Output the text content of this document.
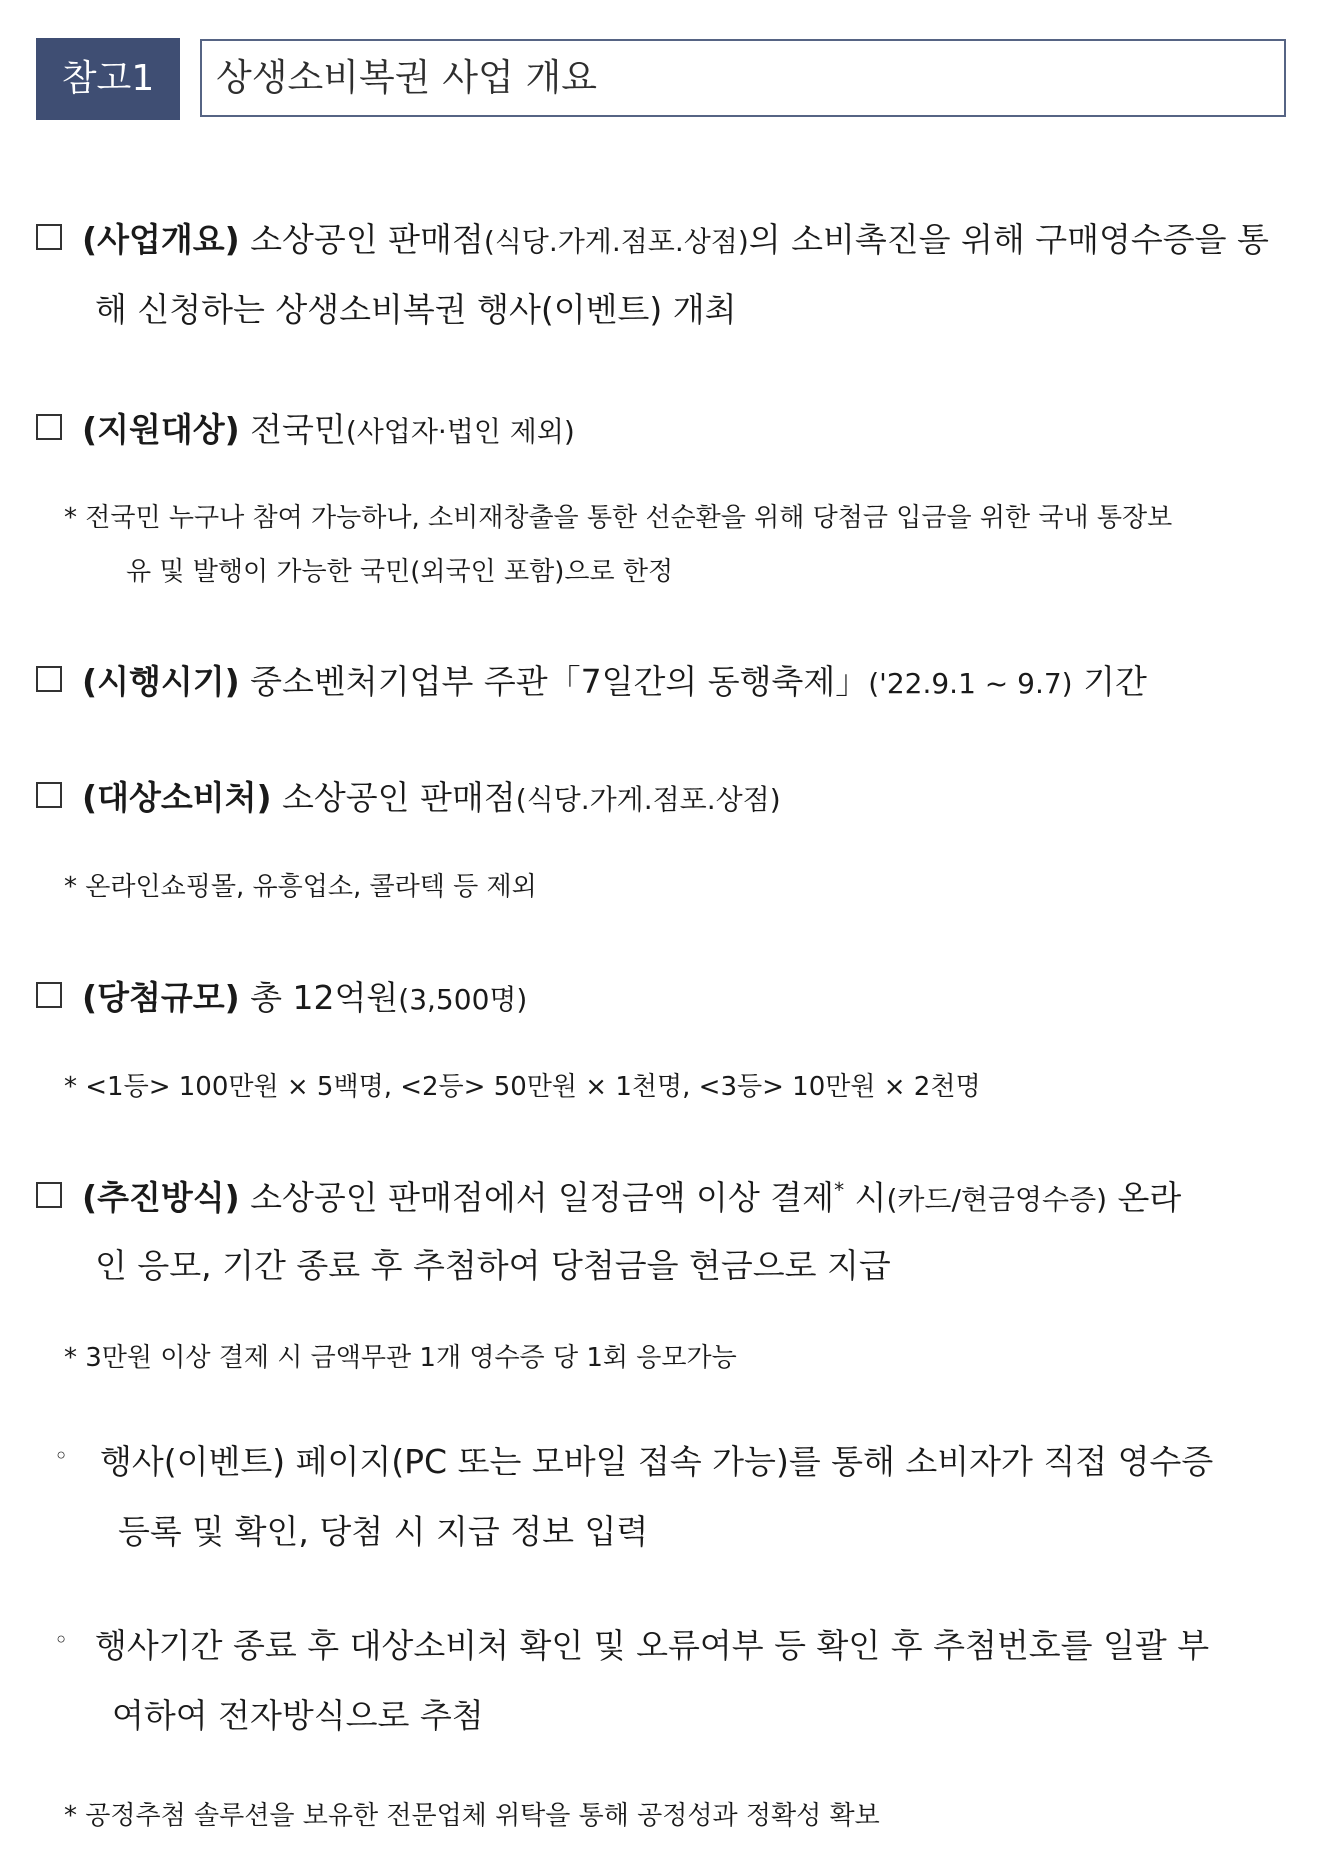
참고1	상생소비복권 사업 개요
(사업개요) 소상공인 판매점(식당.가게.점포.상점)의 소비촉진을 위해 구매영수증을 통
해 신청하는 상생소비복권 행사(이벤트) 개최
(지원대상) 전국민(사업자·법인 제외)
* 전국민 누구나 참여 가능하나, 소비재창출을 통한 선순환을 위해 당첨금 입금을 위한 국내 통장보
유 및 발행이 가능한 국민(외국인 포함)으로 한정
(시행시기) 중소벤처기업부 주관「7일간의 동행축제」('22.9.1 ~ 9.7) 기간
(대상소비처) 소상공인 판매점(식당.가게.점포.상점)
* 온라인쇼핑몰, 유흥업소, 콜라텍 등 제외
(당첨규모) 총 12억원(3,500명)
* <1등> 100만원 × 5백명, <2등> 50만원 × 1천명, <3등> 10만원 × 2천명
(추진방식) 소상공인 판매점에서 일정금액 이상 결제* 시(카드/현금영수증) 온라
인 응모, 기간 종료 후 추첨하여 당첨금을 현금으로 지급
* 3만원 이상 결제 시 금액무관 1개 영수증 당 1회 응모가능
◦ 행사(이벤트) 페이지(PC 또는 모바일 접속 가능)를 통해 소비자가 직접 영수증
등록 및 확인, 당첨 시 지급 정보 입력
◦ 행사기간 종료 후 대상소비처 확인 및 오류여부 등 확인 후 추첨번호를 일괄 부
여하여 전자방식으로 추첨
* 공정추첨 솔루션을 보유한 전문업체 위탁을 통해 공정성과 정확성 확보
